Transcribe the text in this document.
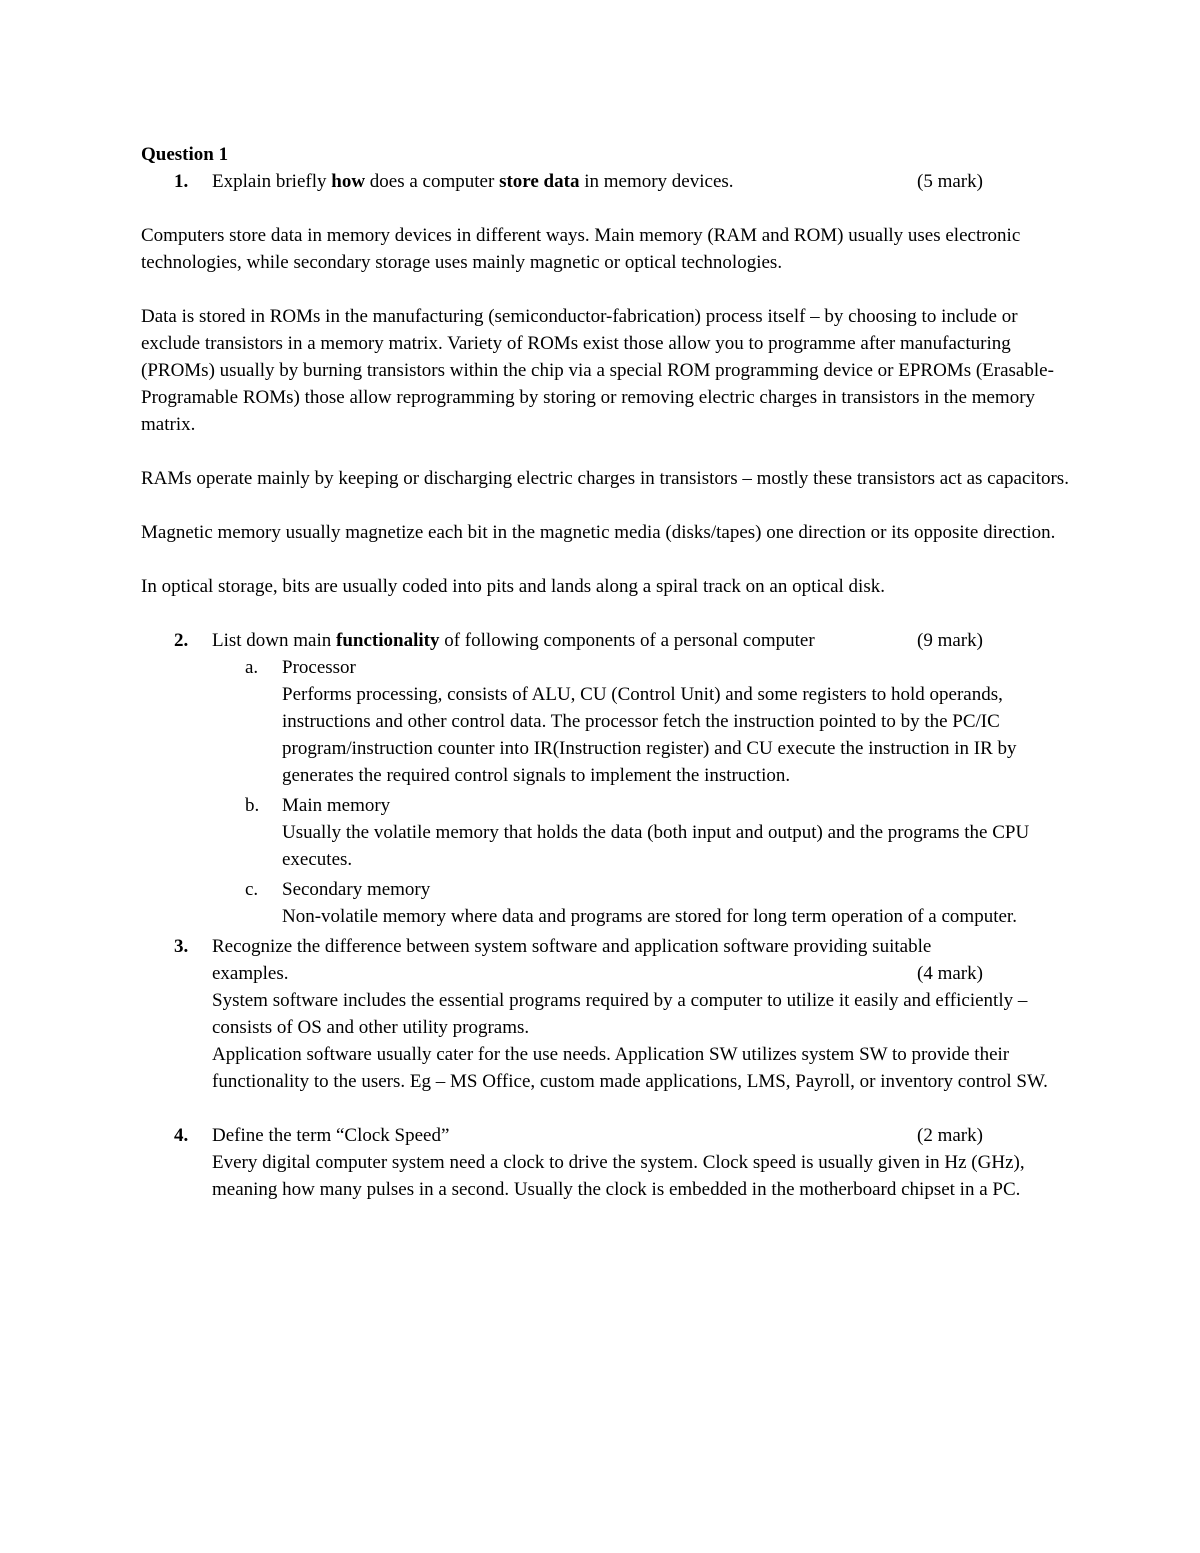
Question 1

1. Explain briefly how does a computer store data in memory devices.	(5 mark)

Computers store data in memory devices in different ways. Main memory (RAM and ROM) usually uses electronic technologies, while secondary storage uses mainly magnetic or optical technologies.

Data is stored in ROMs in the manufacturing (semiconductor-fabrication) process itself – by choosing to include or exclude transistors in a memory matrix. Variety of ROMs exist those allow you to programme after manufacturing (PROMs) usually by burning transistors within the chip via a special ROM programming device or EPROMs (Erasable-Programable ROMs) those allow reprogramming by storing or removing electric charges in transistors in the memory matrix.

RAMs operate mainly by keeping or discharging electric charges in transistors – mostly these transistors act as capacitors.

Magnetic memory usually magnetize each bit in the magnetic media (disks/tapes) one direction or its opposite direction.

In optical storage, bits are usually coded into pits and lands along a spiral track on an optical disk.

2. List down main functionality of following components of a personal computer	(9 mark)
a. Processor

Performs processing, consists of ALU, CU (Control Unit) and some registers to hold operands, instructions and other control data. The processor fetch the instruction pointed to by the PC/IC program/instruction counter into IR(Instruction register) and CU execute the instruction in IR by generates the required control signals to implement the instruction.

b. Main memory

Usually the volatile memory that holds the data (both input and output) and the programs the CPU executes.

c. Secondary memory

Non-volatile memory where data and programs are stored for long term operation of a computer.

3. Recognize the difference between system software and application software providing suitable

examples.	(4 mark)

System software includes the essential programs required by a computer to utilize it easily and efficiently – consists of OS and other utility programs.

Application software usually cater for the use needs. Application SW utilizes system SW to provide their functionality to the users. Eg – MS Office, custom made applications, LMS, Payroll, or inventory control SW.

4. Define the term “Clock Speed”	(2 mark)

Every digital computer system need a clock to drive the system. Clock speed is usually given in Hz (GHz), meaning how many pulses in a second. Usually the clock is embedded in the motherboard chipset in a PC.
